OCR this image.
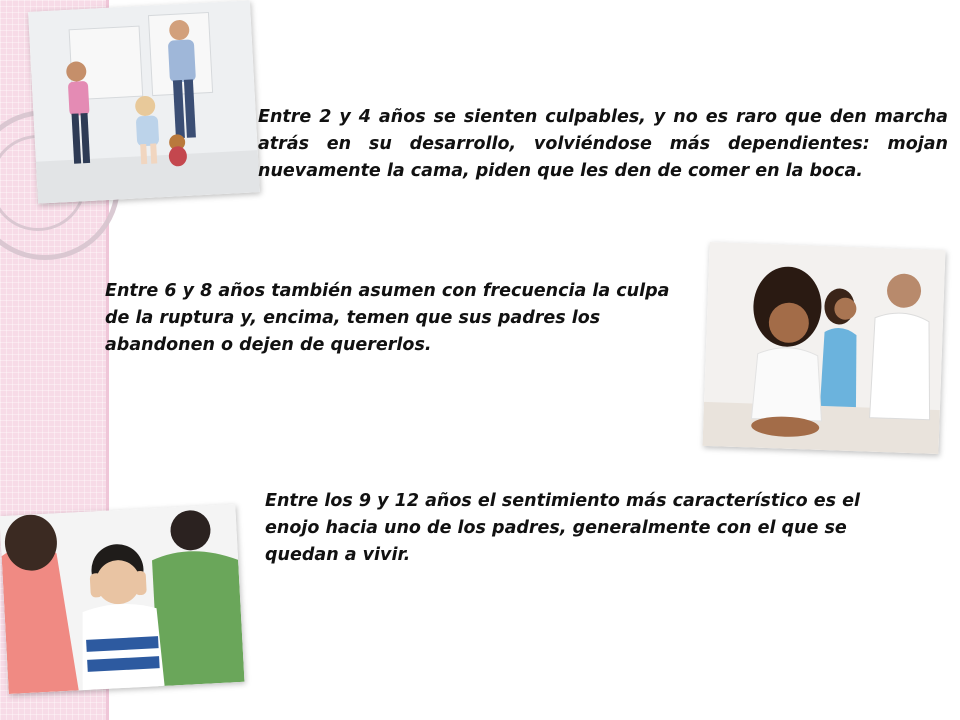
Entre 2 y 4 años se sienten culpables, y no es raro que den marcha atrás en su desarrollo, volviéndose más dependientes: mojan nuevamente la cama, piden que les den de comer en la boca.

Entre 6 y 8 años también asumen con frecuencia la culpa de la ruptura y, encima, temen que sus padres los abandonen o dejen de quererlos.

Entre los 9 y 12 años el sentimiento más característico es el enojo hacia uno de los padres, generalmente con el que se quedan a vivir.
